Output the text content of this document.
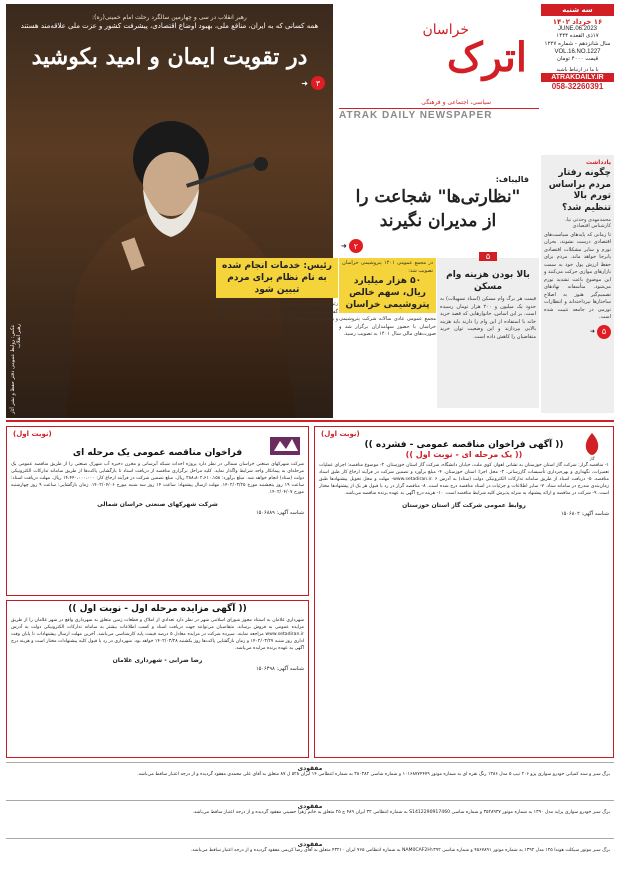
رهبر انقلاب در سی و چهارمین سالگرد رحلت امام خمینی(ره):
همه کسانی که به ایران، منافع ملی، بهبود اوضاع اقتصادی، پیشرفت کشور و عزت ملی علاقه‌مند هستند
در تقویت ایمان و امید بکوشید
۳
➜
عکس: روابط عمومی دفتر حفظ و نشر آثار رهبر انقلاب
خراسان
اترک
سیاسی، اجتماعی و فرهنگی
ATRAK DAILY NEWSPAPER
سه شنبه
۱۶ خرداد ۱۴۰۲
JUNE.06.2023
۱۷ذی القعده ۱۴۴۴
سال شانزدهم - شماره ۱۲۲۷
VOL.16.NO.1227
قیمت ۴۰۰۰ تومان
با ما در ارتباط باشید
ATRAKDAILY.IR
058-32260391
یادداشت
چگونه رفتار مردم براساس تورم بالا تنظیم شد؟
محمدمهدی وحدتی نیا، کارشناس اقتصادی
تا زمانی که پایه‌های سیاست‌های اقتصادی درست نشوند، بحران تورم و سایر مشکلات اقتصادی پابرجا خواهد ماند. مردم برای حفظ ارزش پول خود به سمت بازارهای موازی حرکت می‌کنند و این موضوع باعث تشدید تورم می‌شود. متأسفانه نهادهای تصمیم‌گیر هنوز به اصلاح ساختارها نپرداخته‌اند و انتظارات تورمی در جامعه تثبیت شده است.
۵
➜
قالیباف:
"نظارتی‌ها" شجاعت را
از مدیران نگیرند
۲
➜
۵
بالا بودن هزینه وام مسکن
قیمت هر برگ وام مسکن (اسناد تسهیلات) به حدود یک میلیون و ۲۰۰ هزار تومان رسیده است. بر این اساس، خانوارهایی که قصد خرید خانه با استفاده از این وام را دارند باید هزینه بالایی بپردازند و این وضعیت توان خرید متقاضیان را کاهش داده است.
در مجمع عمومی ۱۴۰۱ پتروشیمی خراسان تصویب شد:
۵۰ هزار میلیارد ریال، سهم خالص پتروشیمی خراسان
مجمع عمومی عادی سالانه شرکت پتروشیمی خراسان با حضور سهامداران برگزار شد و صورت‌های مالی سال ۱۴۰۱ به تصویب رسید.
رئیس: خدمات انجام شده به نام نظام برای مردم تبیین شود
رئیس جمهور در نشست تبیین خدمات و اقدامات دولت گفت: مردم باید از آنچه در این مدت انجام شده آگاه شوند و رسانه‌ها نقش مهمی در این زمینه دارند.
(نوبت اول)
گاز
(( آگهی فراخوان مناقصه عمومی - فشرده ))
(( یک مرحله ای - نوبت اول ))
۱- مناقصه گزار: شرکت گاز استان خوزستان به نشانی اهواز، کوی ملت، خیابان دانشگاه، شرکت گاز استان خوزستان. ۲- موضوع مناقصه: اجرای عملیات تعمیرات، نگهداری و بهره‌برداری تأسیسات گازرسانی. ۳- محل اجرا: استان خوزستان. ۴- مبلغ برآورد و تضمین شرکت در فرآیند ارجاع کار طبق اسناد مناقصه. ۵- دریافت اسناد از طریق سامانه تدارکات الکترونیکی دولت (ستاد) به آدرس www.setadiran.ir. ۶- مهلت و محل تحویل پیشنهادها طبق زمان‌بندی مندرج در سامانه ستاد. ۷- سایر اطلاعات و جزئیات در اسناد مناقصه درج شده است. ۸- مناقصه گزار در رد یا قبول هر یک از پیشنهادها مختار است. ۹- شرکت در مناقصه و ارائه پیشنهاد به منزله پذیرش کلیه شرایط مناقصه است. ۱۰- هزینه درج آگهی به عهده برنده مناقصه می‌باشد.
روابط عمومی شرکت گاز استان خوزستان
شناسه آگهی: ۱۵۰۶۸۰۲
(نوبت اول)
فراخوان مناقصه عمومی یک مرحله ای
شرکت شهرکهای صنعتی خراسان شمالی در نظر دارد پروژه احداث شبکه آبرسانی و مخزن ذخیره آب شهرک صنعتی را از طریق مناقصه عمومی یک مرحله‌ای به پیمانکار واجد شرایط واگذار نماید. کلیه مراحل برگزاری مناقصه از دریافت اسناد تا بازگشایی پاکت‌ها از طریق سامانه تدارکات الکترونیکی دولت (ستاد) انجام خواهد شد. مبلغ برآورد: ۲۸۸،۸۰۲،۶۱۰،۱۵۸ ریال. مبلغ تضمین شرکت در فرآیند ارجاع کار: ۱۴،۴۴۰،۰۰۰،۰۰۰ ریال. مهلت دریافت اسناد: ساعت ۱۹ روز پنجشنبه مورخ ۱۴۰۲/۰۳/۲۵. مهلت ارسال پیشنهاد: ساعت ۱۴ روز سه شنبه مورخ ۱۴۰۲/۰۴/۰۶. زمان بازگشایی: ساعت ۹ روز چهارشنبه مورخ ۱۴۰۲/۰۴/۰۷.
شرکت شهرکهای صنعتی خراسان شمالی
شناسه آگهی: ۱۵۰۶۸۸۹
(( آگهی مزایده مرحله اول - نوبت اول ))
شهرداری غلامان به استناد مجوز شورای اسلامی شهر در نظر دارد تعدادی از املاک و قطعات زمین متعلق به شهرداری واقع در شهر غلامان را از طریق مزایده عمومی به فروش برساند. متقاضیان می‌توانند جهت دریافت اسناد و کسب اطلاعات بیشتر به سامانه تدارکات الکترونیکی دولت به آدرس www.setadiran.ir مراجعه نمایند. سپرده شرکت در مزایده معادل ۵ درصد قیمت پایه کارشناسی می‌باشد. آخرین مهلت ارسال پیشنهادات تا پایان وقت اداری روز شنبه ۱۴۰۲/۰۳/۲۷ و زمان بازگشایی پاکت‌ها روز یکشنبه ۱۴۰۲/۰۳/۲۸ خواهد بود. شهرداری در رد یا قبول کلیه پیشنهادات مختار است و هزینه درج آگهی به عهده برنده مزایده می‌باشد.
رضا ضرابی - شهرداری غلامان
شناسه آگهی: ۱۵۰۶۴۹۸
مفقودی
برگ سبز و سند کمپانی خودرو سواری پژو ۲۰۶ تیپ ۵ مدل ۱۳۸۶ رنگ نقره ای به شماره موتور ۱۰۱۶۸۷۷۴۴۷۹ و شماره شاسی ۳۸۰۳۸۲ به شماره انتظامی ۱۴ ایران ۵۲۸ ل ۸۷ متعلق به آقای علی محمدی مفقود گردیده و از درجه اعتبار ساقط می‌باشد.
مفقودی
برگ سبز خودرو سواری پراید مدل ۱۳۹۰ به شماره موتور ۳۵۲۸۹۳۷ و شماره شاسی S1412290917460 به شماره انتظامی ۳۲ ایران ۴۸۹ ج ۲۵ متعلق به خانم زهرا حسینی مفقود گردیده و از درجه اعتبار ساقط می‌باشد.
مفقودی
برگ سبز موتور سیکلت هوندا ۱۲۵ مدل ۱۳۹۲ به شماره موتور ۴۵۶۷۸۹۱ و شماره شاسی NAM0CAF2H۱۳۹۲ به شماره انتظامی ۷۶۵ ایران ۴۳۲۱۰ متعلق به آقای رضا کریمی مفقود گردیده و از درجه اعتبار ساقط می‌باشد.
